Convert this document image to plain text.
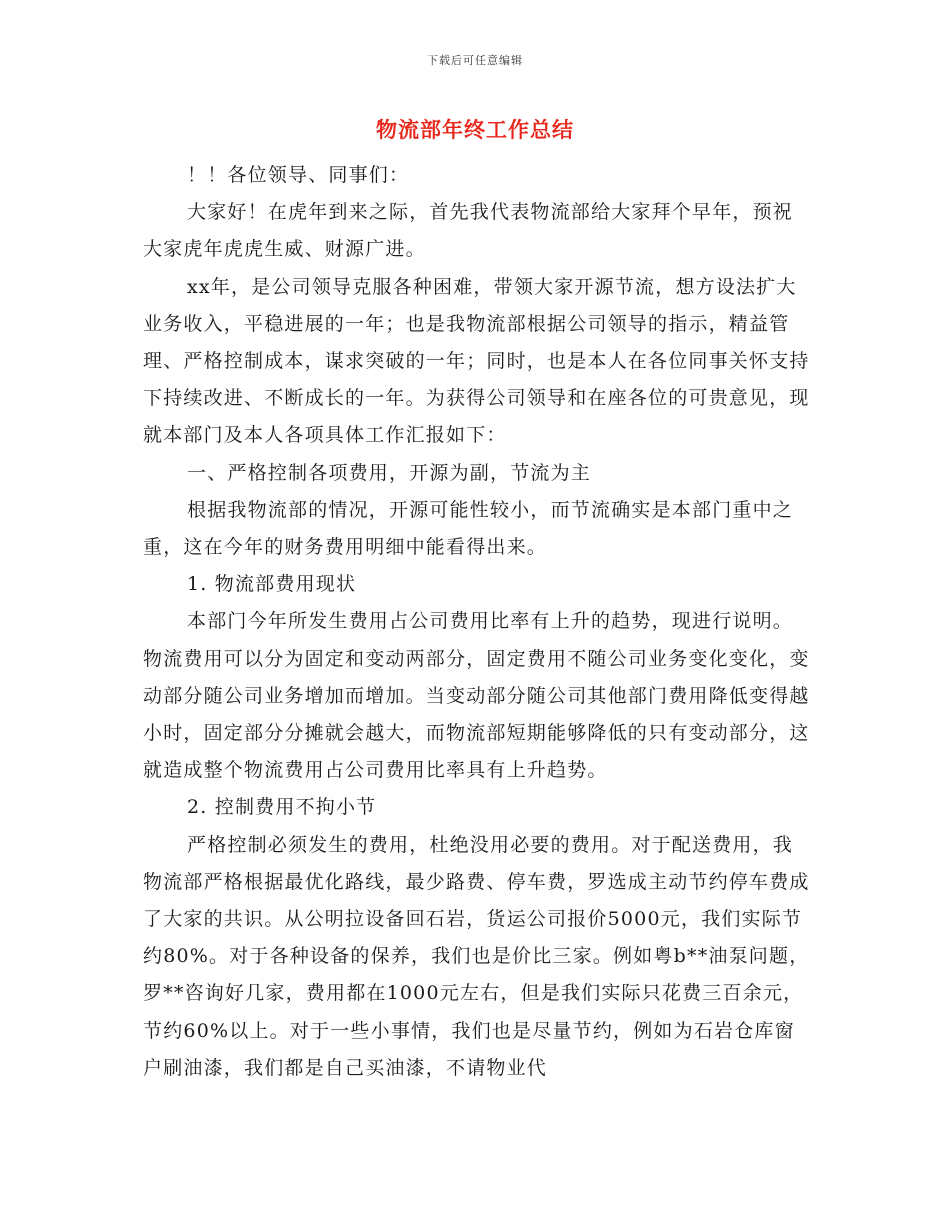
下载后可任意编辑
物流部年终工作总结

！！各位领导、同事们：

大家好！在虎年到来之际，首先我代表物流部给大家拜个早年，预祝大家虎年虎虎生威、财源广进。

xx年，是公司领导克服各种困难，带领大家开源节流，想方设法扩大业务收入，平稳进展的一年；也是我物流部根据公司领导的指示，精益管理、严格控制成本，谋求突破的一年；同时，也是本人在各位同事关怀支持下持续改进、不断成长的一年。为获得公司领导和在座各位的可贵意见，现就本部门及本人各项具体工作汇报如下：

一、严格控制各项费用，开源为副，节流为主

根据我物流部的情况，开源可能性较小，而节流确实是本部门重中之重，这在今年的财务费用明细中能看得出来。

1. 物流部费用现状

本部门今年所发生费用占公司费用比率有上升的趋势，现进行说明。物流费用可以分为固定和变动两部分，固定费用不随公司业务变化变化，变动部分随公司业务增加而增加。当变动部分随公司其他部门费用降低变得越小时，固定部分分摊就会越大，而物流部短期能够降低的只有变动部分，这就造成整个物流费用占公司费用比率具有上升趋势。

2. 控制费用不拘小节

严格控制必须发生的费用，杜绝没用必要的费用。对于配送费用，我物流部严格根据最优化路线，最少路费、停车费，罗选成主动节约停车费成了大家的共识。从公明拉设备回石岩，货运公司报价5000元，我们实际节约80%。对于各种设备的保养，我们也是价比三家。例如粤b**油泵问题，罗**咨询好几家，费用都在1000元左右，但是我们实际只花费三百余元，节约60%以上。对于一些小事情，我们也是尽量节约，例如为石岩仓库窗户刷油漆，我们都是自己买油漆，不请物业代
